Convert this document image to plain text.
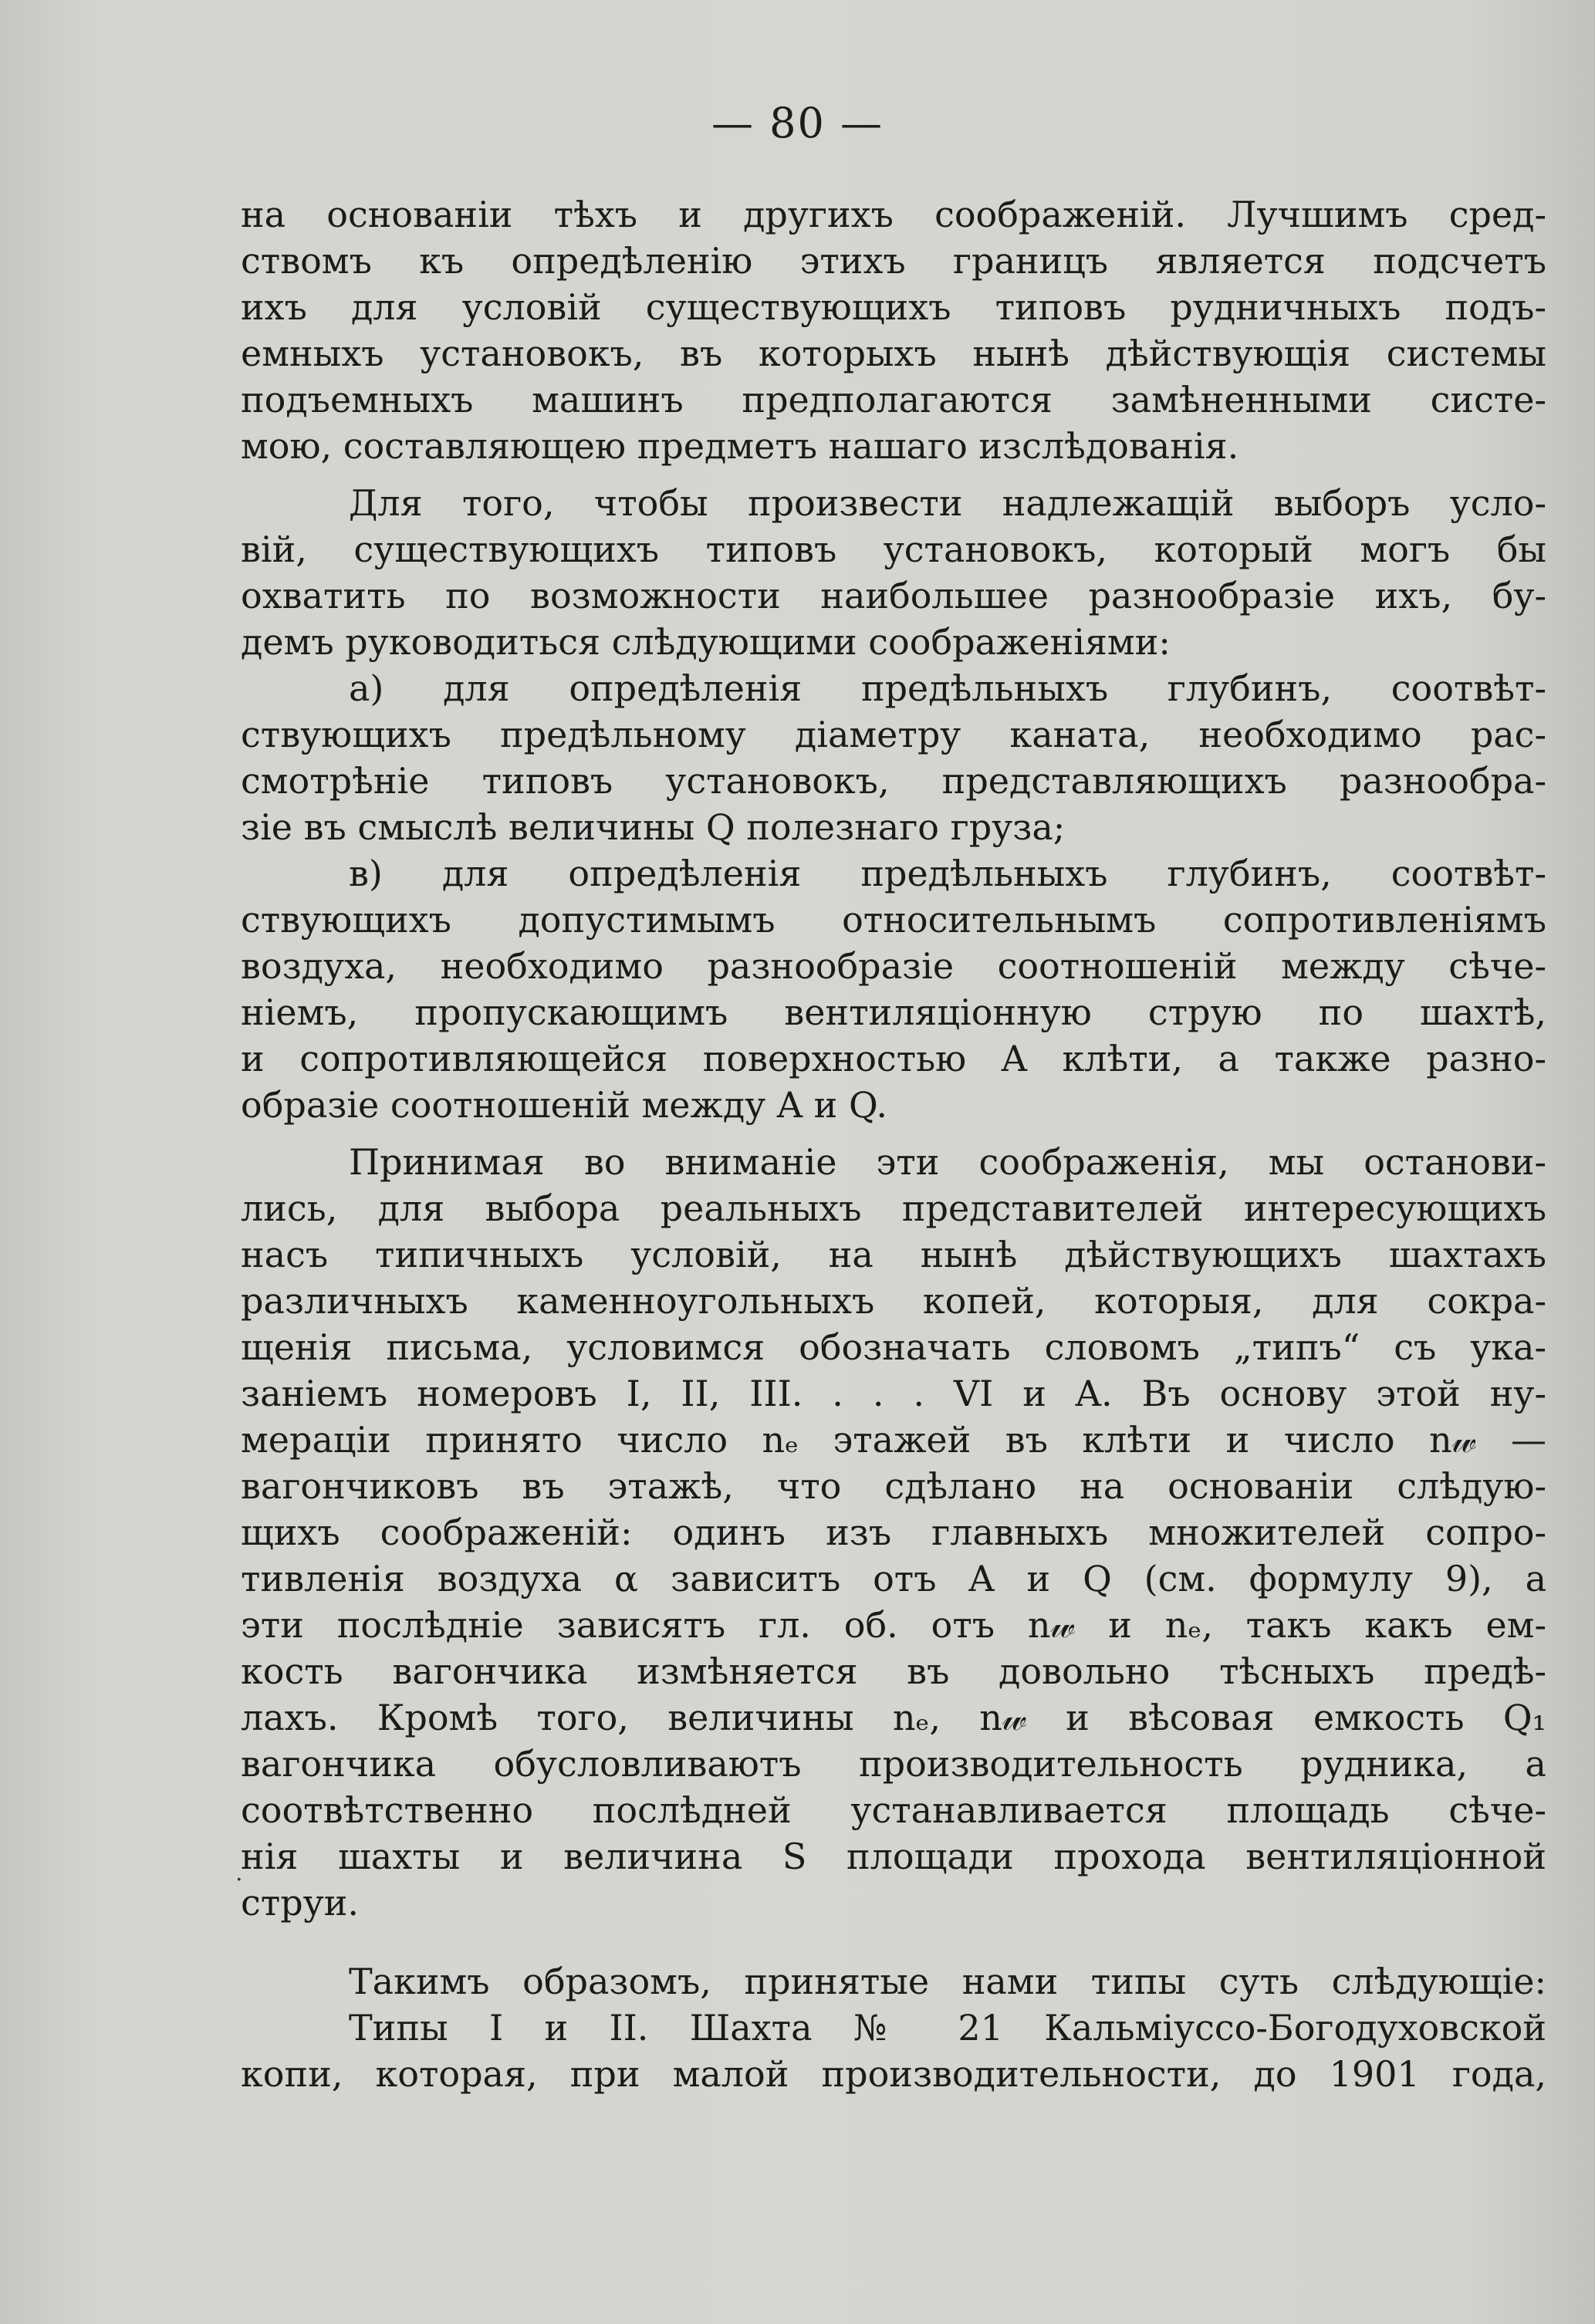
— 80 —
на основаніи тѣхъ и другихъ соображеній. Лучшимъ сред-
ствомъ къ опредѣленію этихъ границъ является подсчетъ
ихъ для условій существующихъ типовъ рудничныхъ подъ-
емныхъ установокъ, въ которыхъ нынѣ дѣйствующія системы
подъемныхъ машинъ предполагаются замѣненными систе-
мою, составляющею предметъ нашаго изслѣдованія.
Для того, чтобы произвести надлежащій выборъ усло-
вій, существующихъ типовъ установокъ, который могъ бы
охватить по возможности наибольшее разнообразіе ихъ, бу-
демъ руководиться слѣдующими соображеніями:
а) для опредѣленія предѣльныхъ глубинъ, соотвѣт-
ствующихъ предѣльному діаметру каната, необходимо рас-
смотрѣніе типовъ установокъ, представляющихъ разнообра-
зіе въ смыслѣ величины Q полезнаго груза;
в) для опредѣленія предѣльныхъ глубинъ, соотвѣт-
ствующихъ допустимымъ относительнымъ сопротивленіямъ
воздуха, необходимо разнообразіе соотношеній между сѣче-
ніемъ, пропускающимъ вентиляціонную струю по шахтѣ,
и сопротивляющейся поверхностью A клѣти, а также разно-
образіе соотношеній между A и Q.
Принимая во вниманіе эти соображенія, мы останови-
лись, для выбора реальныхъ представителей интересующихъ
насъ типичныхъ условій, на нынѣ дѣйствующихъ шахтахъ
различныхъ каменноугольныхъ копей, которыя, для сокра-
щенія письма, условимся обозначать словомъ „типъ“ съ ука-
заніемъ номеровъ I, II, III. . . . VI и A. Въ основу этой ну-
мераціи принято число nₑ этажей въ клѣти и число n𝓌 —
вагончиковъ въ этажѣ, что сдѣлано на основаніи слѣдую-
щихъ соображеній: одинъ изъ главныхъ множителей сопро-
тивленія воздуха α зависитъ отъ A и Q (см. формулу 9), а
эти послѣдніе зависятъ гл. об. отъ n𝓌 и nₑ, такъ какъ ем-
кость вагончика измѣняется въ довольно тѣсныхъ предѣ-
лахъ. Кромѣ того, величины nₑ, n𝓌 и вѣсовая емкость Q₁
вагончика обусловливаютъ производительность рудника, а
соотвѣтственно послѣдней устанавливается площадь сѣче-
нія шахты и величина S площади прохода вентиляціонной
струи.
Такимъ образомъ, принятые нами типы суть слѣдующіе:
Типы I и II. Шахта № 21 Кальміуссо-Богодуховской
копи, которая, при малой производительности, до 1901 года,
.
